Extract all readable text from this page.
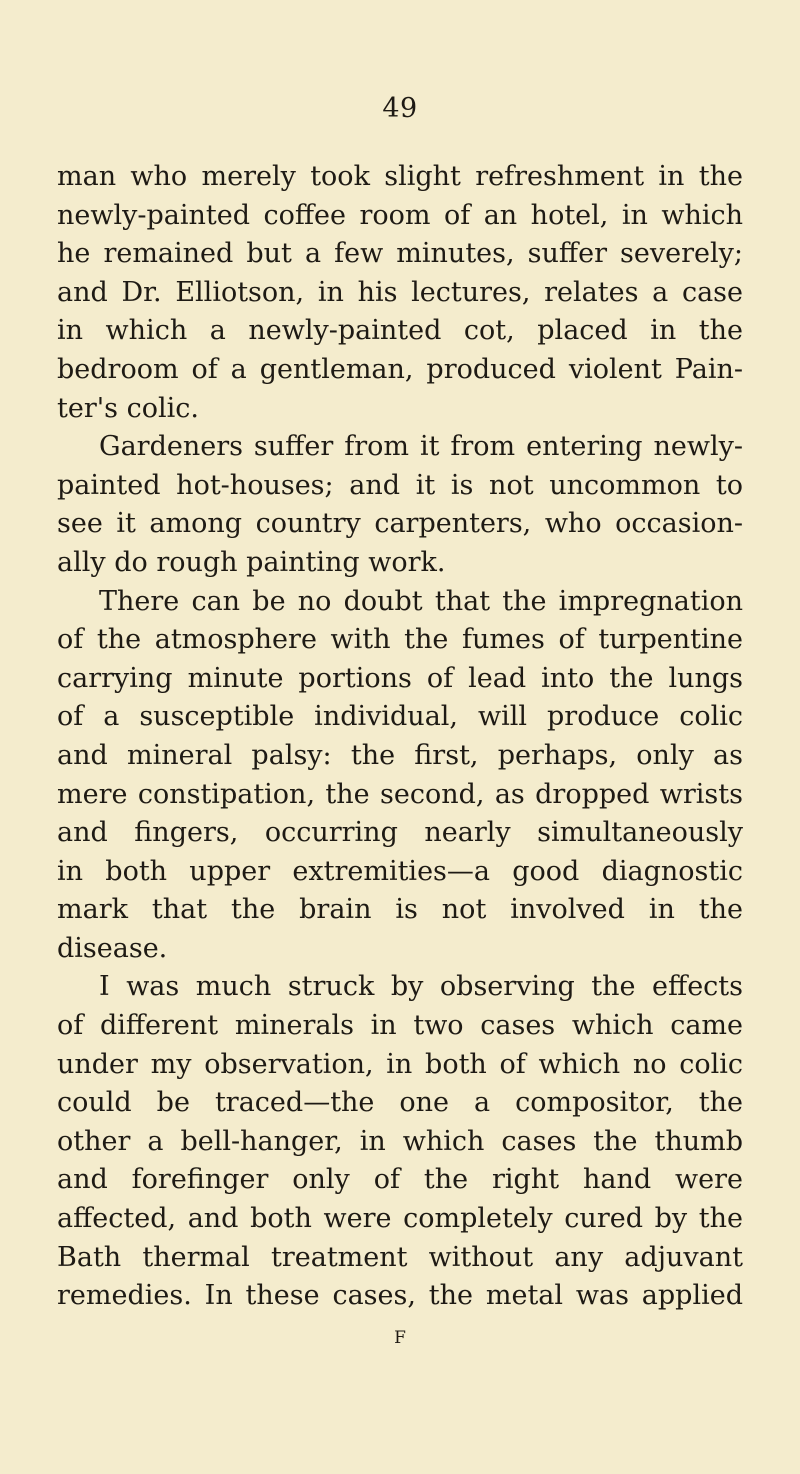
49
man who merely took slight refreshment in the
newly-painted coffee room of an hotel, in which
he remained but a few minutes, suffer severely;
and Dr. Elliotson, in his lectures, relates a case
in which a newly-painted cot, placed in the
bedroom of a gentleman, produced violent Pain-
ter's colic.
Gardeners suffer from it from entering newly-
painted hot-houses; and it is not uncommon to
see it among country carpenters, who occasion-
ally do rough painting work.
There can be no doubt that the impregnation
of the atmosphere with the fumes of turpentine
carrying minute portions of lead into the lungs
of a susceptible individual, will produce colic
and mineral palsy: the first, perhaps, only as
mere constipation, the second, as dropped wrists
and fingers, occurring nearly simultaneously
in both upper extremities—a good diagnostic
mark that the brain is not involved in the
disease.
I was much struck by observing the effects
of different minerals in two cases which came
under my observation, in both of which no colic
could be traced—the one a compositor, the
other a bell-hanger, in which cases the thumb
and forefinger only of the right hand were
affected, and both were completely cured by the
Bath thermal treatment without any adjuvant
remedies. In these cases, the metal was applied
F
